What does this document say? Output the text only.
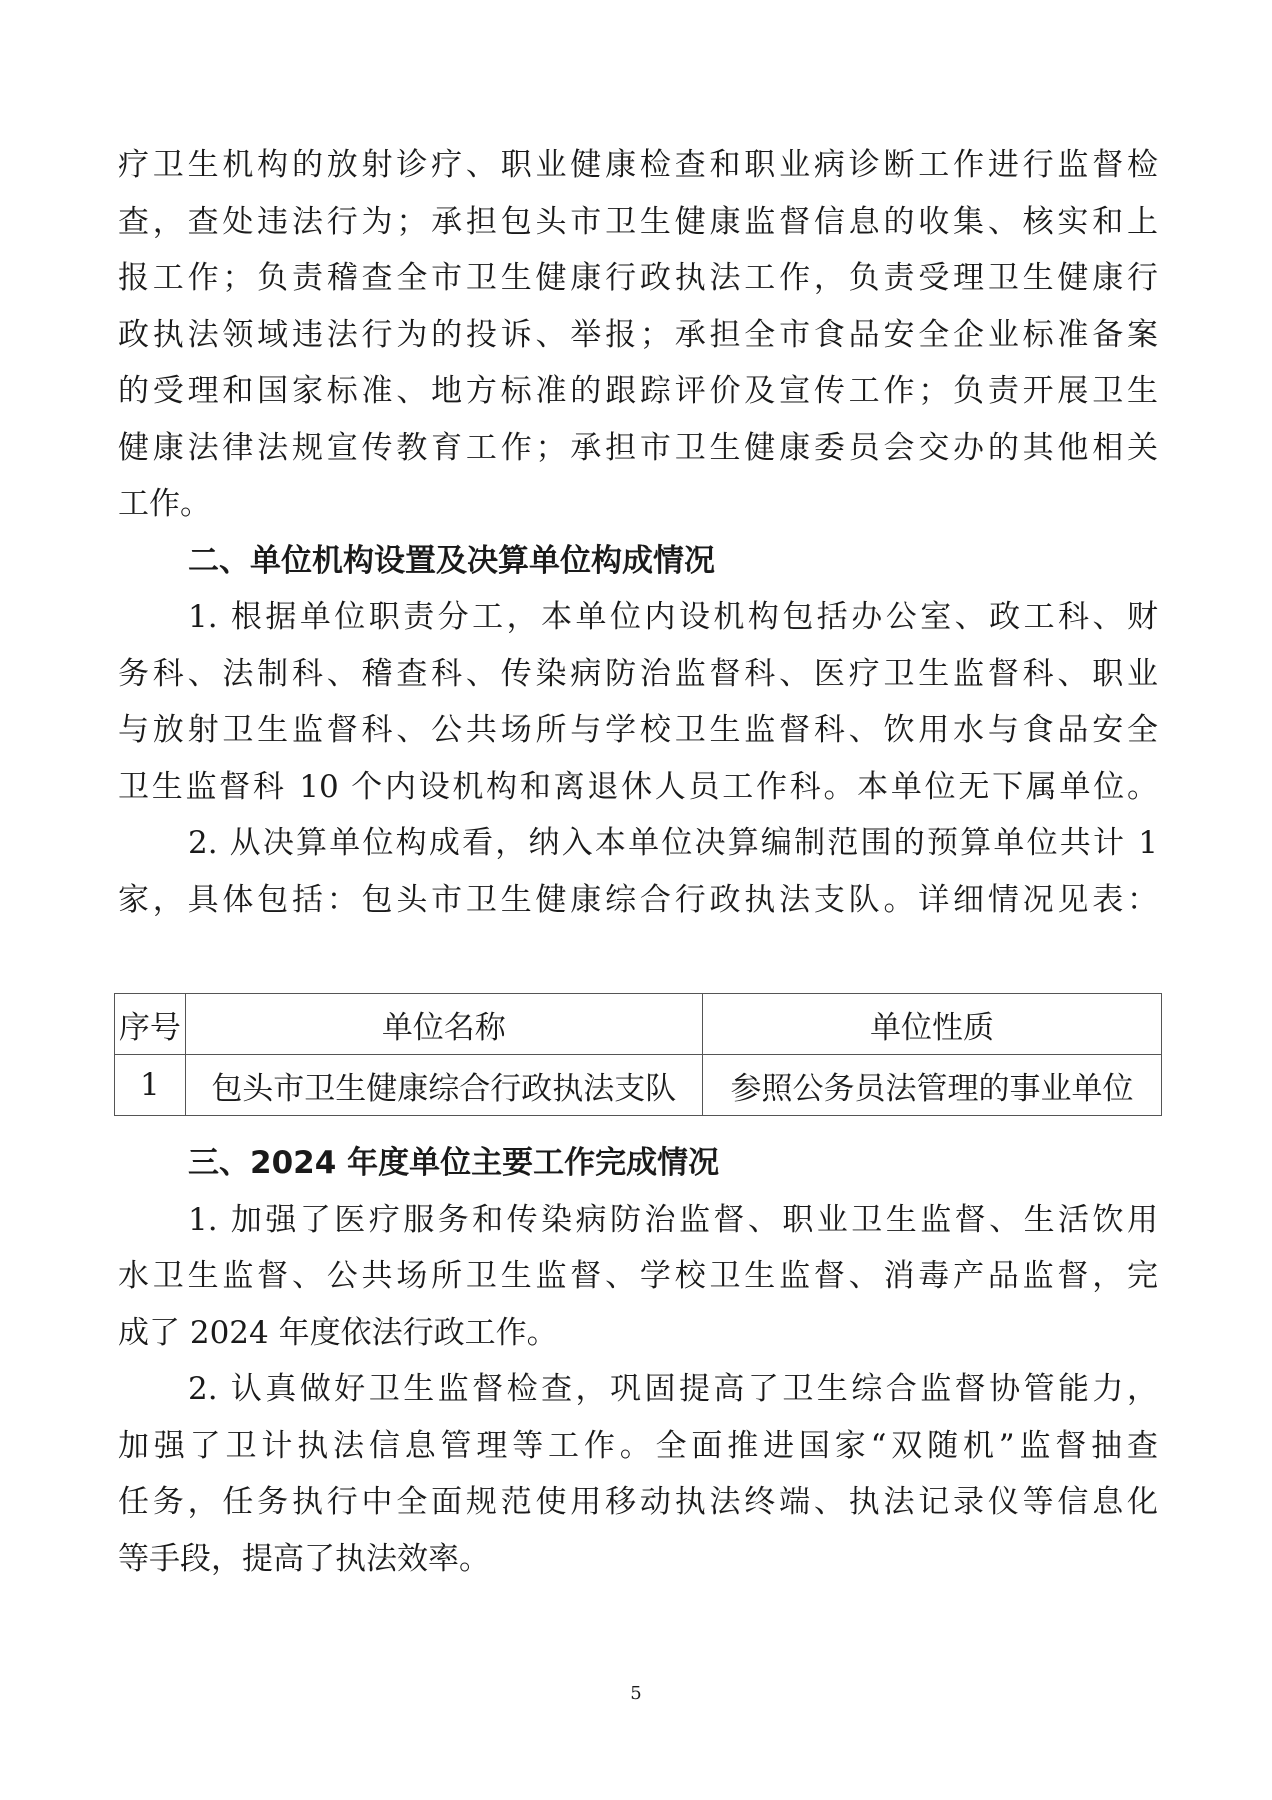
疗卫生机构的放射诊疗、职业健康检查和职业病诊断工作进行监督检
查，查处违法行为；承担包头市卫生健康监督信息的收集、核实和上
报工作；负责稽查全市卫生健康行政执法工作，负责受理卫生健康行
政执法领域违法行为的投诉、举报；承担全市食品安全企业标准备案
的受理和国家标准、地方标准的跟踪评价及宣传工作；负责开展卫生
健康法律法规宣传教育工作；承担市卫生健康委员会交办的其他相关
工作。
二、单位机构设置及决算单位构成情况
1. 根据单位职责分工，本单位内设机构包括办公室、政工科、财
务科、法制科、稽查科、传染病防治监督科、医疗卫生监督科、职业
与放射卫生监督科、公共场所与学校卫生监督科、饮用水与食品安全
卫生监督科 10 个内设机构和离退休人员工作科。本单位无下属单位。
2. 从决算单位构成看，纳入本单位决算编制范围的预算单位共计 1
家，具体包括：包头市卫生健康综合行政执法支队。详细情况见表：
序号	单位名称	单位性质
1	包头市卫生健康综合行政执法支队	参照公务员法管理的事业单位
三、2024 年度单位主要工作完成情况
1. 加强了医疗服务和传染病防治监督、职业卫生监督、生活饮用
水卫生监督、公共场所卫生监督、学校卫生监督、消毒产品监督，完
成了 2024 年度依法行政工作。
2. 认真做好卫生监督检查，巩固提高了卫生综合监督协管能力，
加强了卫计执法信息管理等工作。全面推进国家“双随机”监督抽查
任务，任务执行中全面规范使用移动执法终端、执法记录仪等信息化
等手段，提高了执法效率。
5
